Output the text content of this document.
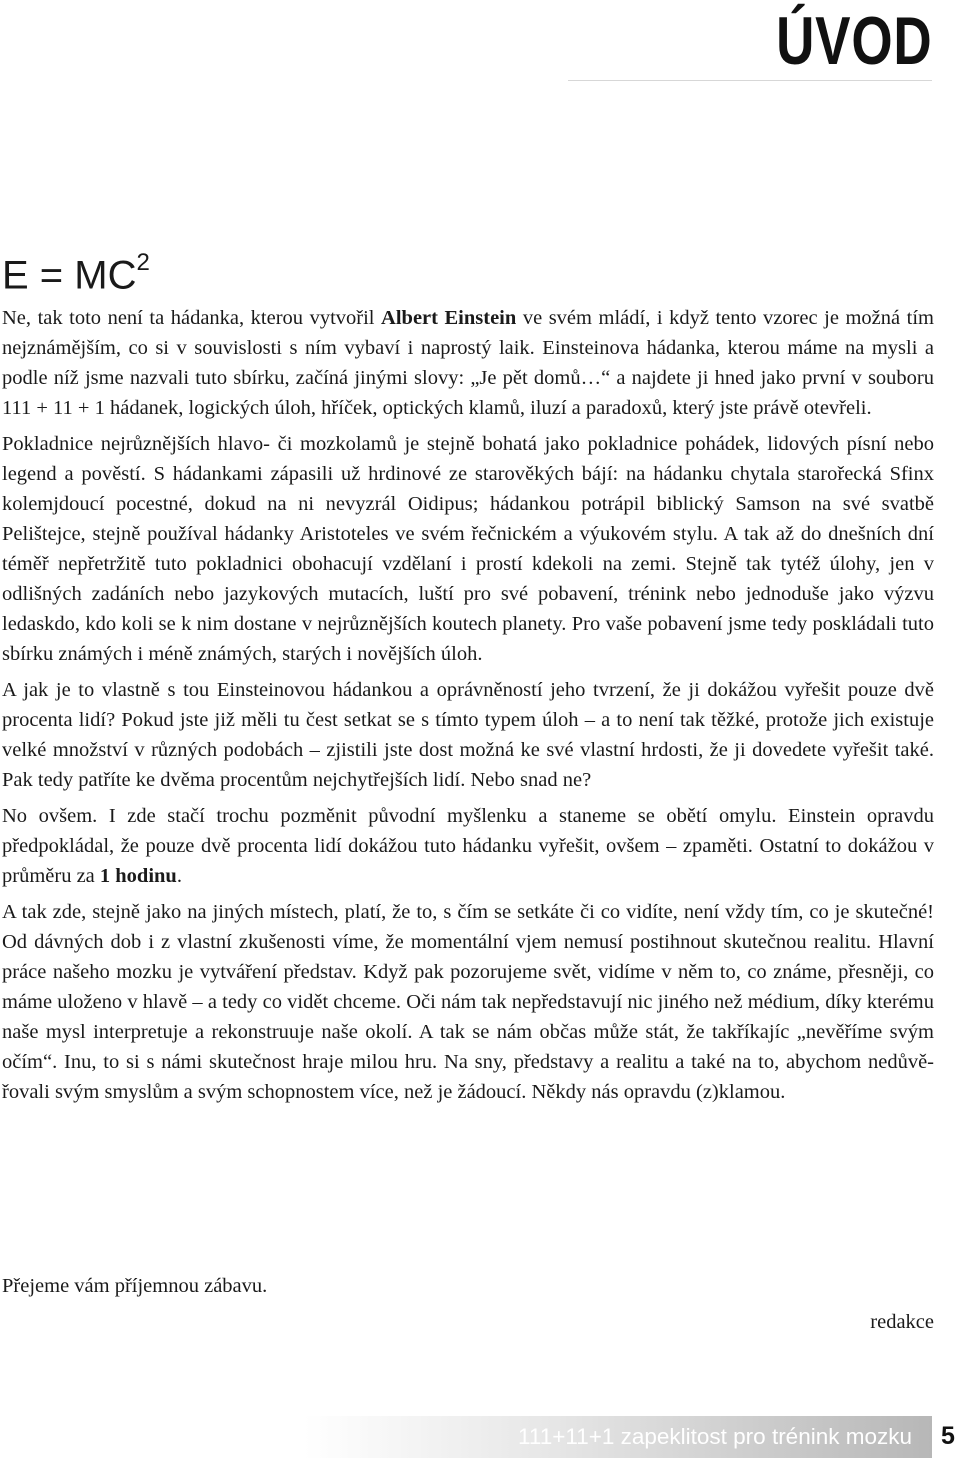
ÚVOD
$E = MC^2$

Ne, tak toto není ta hádanka, kterou vytvořil Albert Einstein ve svém mládí, i když tento vzorec je možná tím nejznámějším, co si v souvislosti s ním vybaví i naprostý laik. Einsteinova hádanka, kterou máme na mysli a podle níž jsme nazvali tuto sbírku, začíná jinými slovy: „Je pět domů…“ a najdete ji hned jako první v souboru 111 + 11 + 1 hádanek, logických úloh, hříček, optických klamů, iluzí a paradoxů, který jste právě otevřeli.

Pokladnice nejrůznějších hlavo- či mozkolamů je stejně bohatá jako pokladnice pohádek, lidových písní nebo legend a pověstí. S hádankami zápasili už hrdinové ze starověkých bájí: na hádanku chytala starořecká Sfinx kolemjdoucí pocestné, dokud na ni nevyzrál Oidipus; hádankou potrápil biblický Samson na své svatbě Pelištejce, stejně používal hádanky Aristoteles ve svém řečnickém a výukovém stylu. A tak až do dnešních dní téměř nepřetržitě tuto pokladnici obohacují vzdělaní i prostí kdekoli na zemi. Stejně tak tytéž úlohy, jen v odlišných zadáních nebo jazykových mutacích, luští pro své pobavení, trénink nebo jednoduše jako výzvu ledaskdo, kdo koli se k nim dostane v nejrůznějších koutech planety. Pro vaše pobavení jsme tedy poskládali tuto sbírku známých i méně známých, starých i novějších úloh.

A jak je to vlastně s tou Einsteinovou hádankou a oprávněností jeho tvrzení, že ji dokážou vyřešit pouze dvě procenta lidí? Pokud jste již měli tu čest setkat se s tímto typem úloh – a to není tak těžké, protože jich existuje velké množství v různých podobách – zjistili jste dost možná ke své vlastní hrdosti, že ji dovedete vyřešit také. Pak tedy patříte ke dvěma procentům nejchytřejších lidí. Nebo snad ne?

No ovšem. I zde stačí trochu pozměnit původní myšlenku a staneme se obětí omylu. Einstein opravdu předpokládal, že pouze dvě procenta lidí dokážou tuto hádanku vyřešit, ovšem – zpaměti. Ostatní to dokážou v průměru za 1 hodinu.

A tak zde, stejně jako na jiných místech, platí, že to, s čím se setkáte či co vidíte, není vždy tím, co je skutečné! Od dávných dob i z vlastní zkušenosti víme, že momentální vjem nemusí postihnout skutečnou realitu. Hlavní práce našeho mozku je vytváření představ. Když pak pozorujeme svět, vidíme v něm to, co známe, přesněji, co máme uloženo v hlavě – a tedy co vidět chceme. Oči nám tak nepředstavují nic jiného než médium, díky kterému naše mysl interpretuje a rekonstruuje naše okolí. A tak se nám občas může stát, že takříkajíc „nevěříme svým očím“. Inu, to si s námi skutečnost hraje milou hru. Na sny, představy a realitu a také na to, abychom nedůvěřovali svým smyslům a svým schopnostem více, než je žádoucí. Někdy nás opravdu (z)klamou.

Přejeme vám příjemnou zábavu.

redakce

111+11+1 zapeklitost pro trénink mozku 5
